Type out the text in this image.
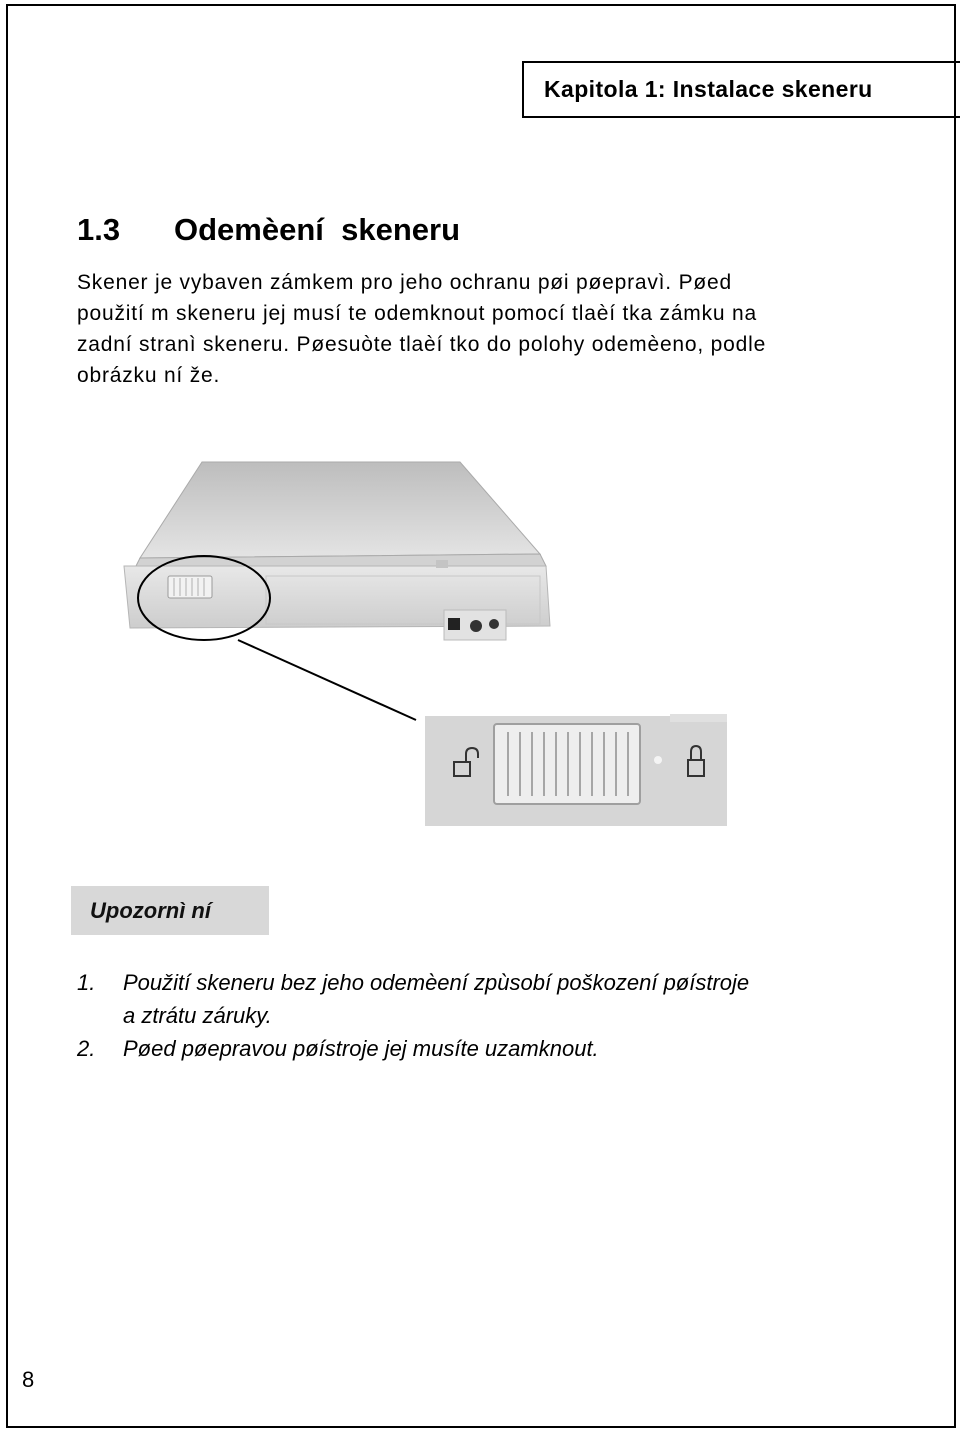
Kapitola 1: Instalace skeneru
1.3 Odemèení  skeneru
Skener je vybaven zámkem pro jeho ochranu pøi pøepravì. Pøed
použití m skeneru jej musí te odemknout pomocí tlaèí tka zámku na
zadní stranì skeneru. Pøesuòte tlaèí tko do polohy odemèeno, podle
obrázku ní že.
Upozornì ní
1.	Použití skeneru bez jeho odemèení zpùsobí poškození pøístroje
a ztrátu záruky.
2.	Pøed pøepravou pøístroje jej musíte uzamknout.
8
